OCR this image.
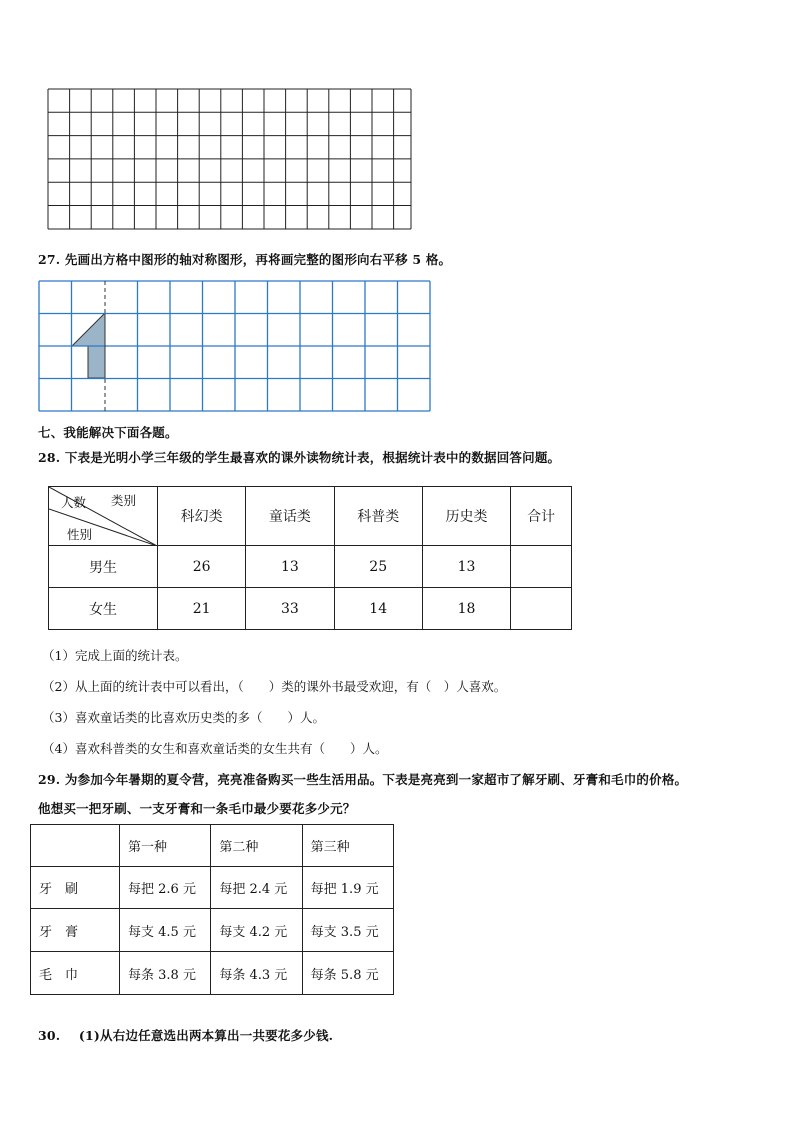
27. 先画出方格中图形的轴对称图形，再将画完整的图形向右平移 5 格。
七、我能解决下面各题。
28. 下表是光明小学三年级的学生最喜欢的课外读物统计表，根据统计表中的数据回答问题。
人数 类别
性别	科幻类	童话类	科普类	历史类	合计
男生	26	13	25	13	
女生	21	33	14	18	
（1）完成上面的统计表。
（2）从上面的统计表中可以看出，（　　）类的课外书最受欢迎，有（　）人喜欢。
（3）喜欢童话类的比喜欢历史类的多（　　）人。
（4）喜欢科普类的女生和喜欢童话类的女生共有（　　）人。
29. 为参加今年暑期的夏令营，亮亮准备购买一些生活用品。下表是亮亮到一家超市了解牙刷、牙膏和毛巾的价格。
他想买一把牙刷、一支牙膏和一条毛巾最少要花多少元？
	第一种	第二种	第三种
牙　刷	每把 2.6 元	每把 2.4 元	每把 1.9 元
牙　膏	每支 4.5 元	每支 4.2 元	每支 3.5 元
毛　巾	每条 3.8 元	每条 4.3 元	每条 5.8 元
30. (1)从右边任意选出两本算出一共要花多少钱.
